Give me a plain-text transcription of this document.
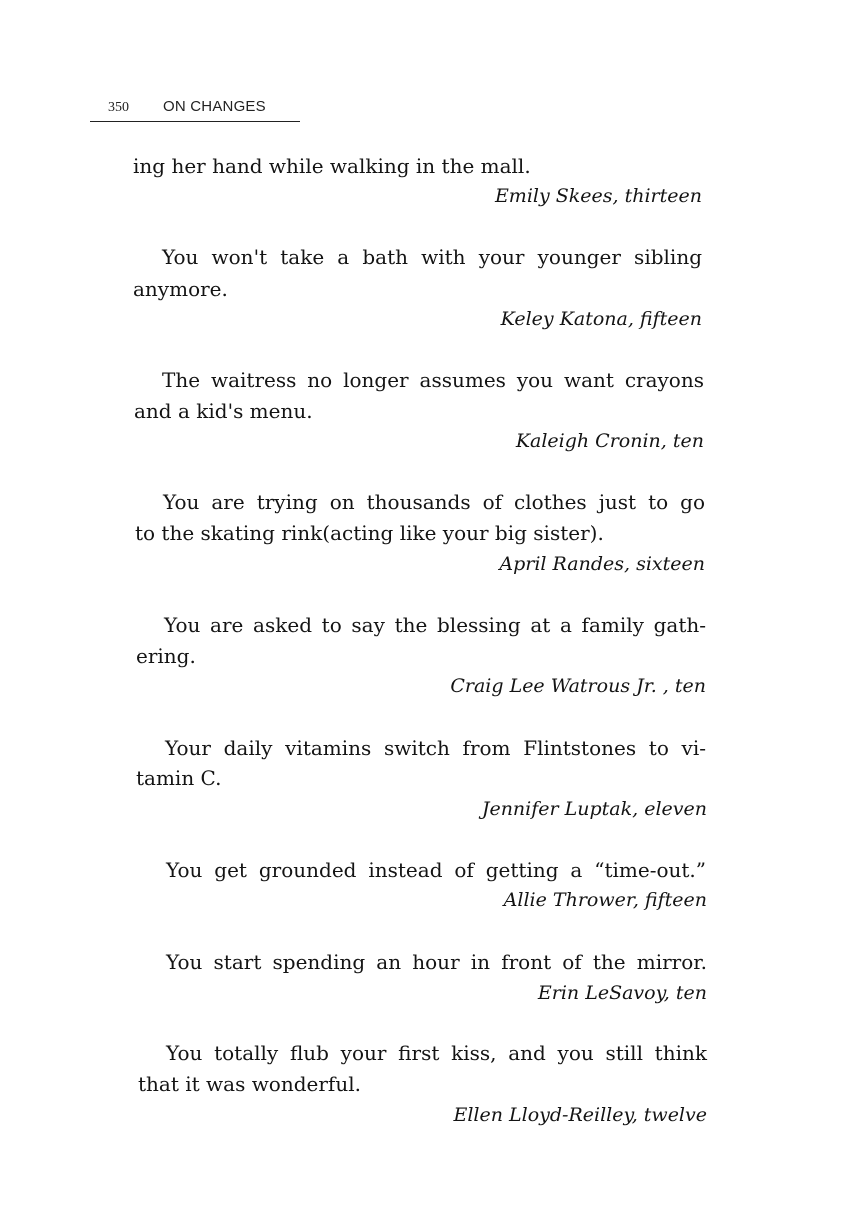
350 ON CHANGES
ing her hand while walking in the mall.
Emily Skees, thirteen
You won't take a bath with your younger sibling
anymore.
Keley Katona, fifteen
The waitress no longer assumes you want crayons
and a kid's menu.
Kaleigh Cronin, ten
You are trying on thousands of clothes just to go
to the skating rink(acting like your big sister).
April Randes, sixteen
You are asked to say the blessing at a family gath-
ering.
Craig Lee Watrous Jr. , ten
Your daily vitamins switch from Flintstones to vi-
tamin C.
Jennifer Luptak, eleven
You get grounded instead of getting a “time-out.”
Allie Thrower, fifteen
You start spending an hour in front of the mirror.
Erin LeSavoy, ten
You totally flub your first kiss, and you still think
that it was wonderful.
Ellen Lloyd-Reilley, twelve
